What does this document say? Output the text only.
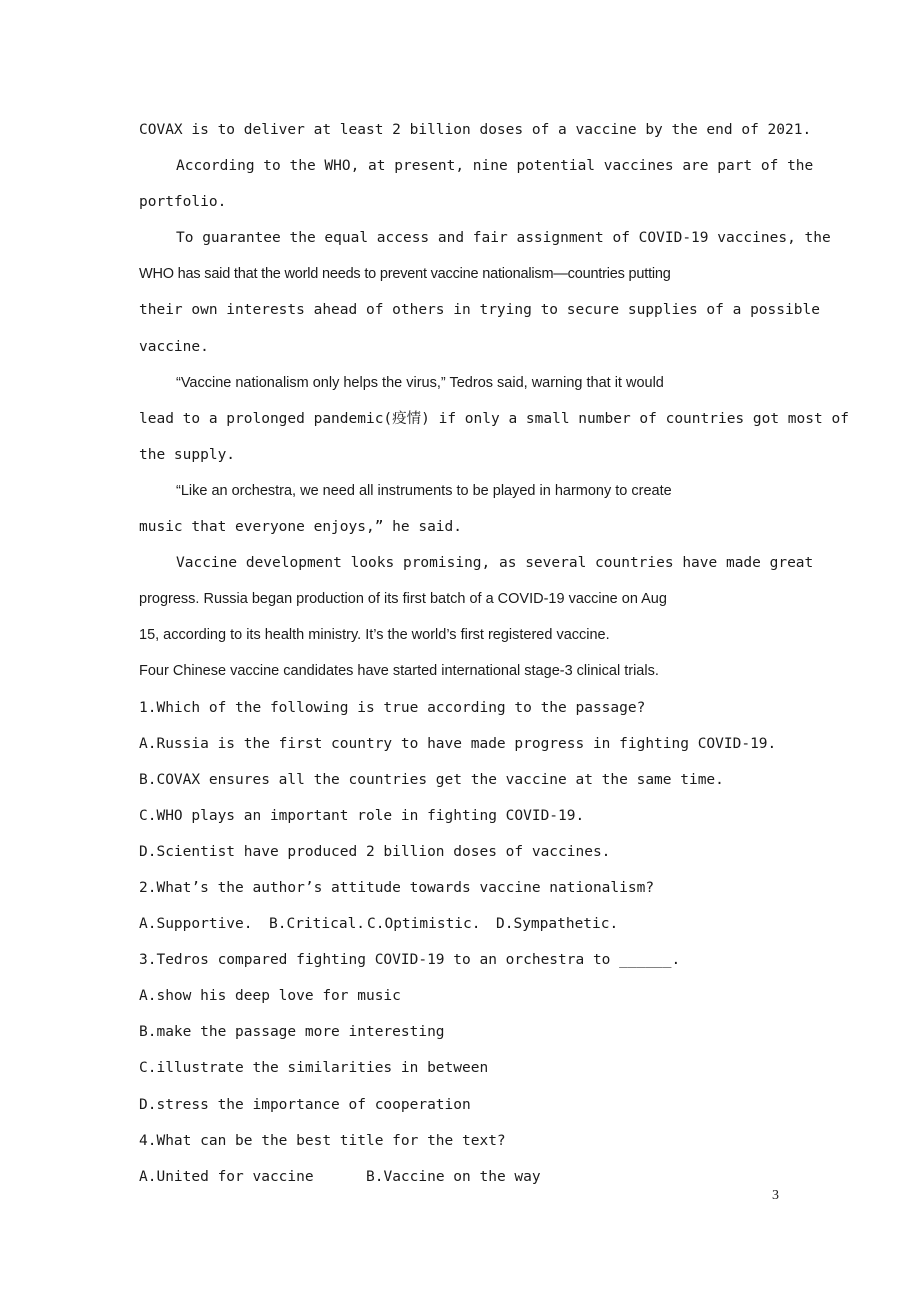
COVAX is to deliver at least 2 billion doses of a vaccine by the end of 2021.
According to the WHO, at present, nine potential vaccines are part of the
portfolio.
To guarantee the equal access and fair assignment of COVID-19 vaccines, the
WHO has said that the world needs to prevent vaccine nationalism—countries putting
their own interests ahead of others in trying to secure supplies of a possible
vaccine.
“Vaccine nationalism only helps the virus,” Tedros said, warning that it would
lead to a prolonged pandemic(疫情) if only a small number of countries got most of
the supply.
“Like an orchestra, we need all instruments to be played in harmony to create
music that everyone enjoys,” he said.
Vaccine development looks promising, as several countries have made great
progress. Russia began production of its first batch of a COVID-19 vaccine on Aug
15, according to its health ministry. It’s the world’s first registered vaccine.
Four Chinese vaccine candidates have started international stage-3 clinical trials.
1.Which of the following is true according to the passage?
A.Russia is the first country to have made progress in fighting COVID-19.
B.COVAX ensures all the countries get the vaccine at the same time.
C.WHO plays an important role in fighting COVID-19.
D.Scientist have produced 2 billion doses of vaccines.
2.What’s the author’s attitude towards vaccine nationalism?
A.Supportive. B.Critical. C.Optimistic. D.Sympathetic.
3.Tedros compared fighting COVID-19 to an orchestra to ______.
A.show his deep love for music
B.make the passage more interesting
C.illustrate the similarities in between
D.stress the importance of cooperation
4.What can be the best title for the text?
A.United for vaccine	B.Vaccine on the way
3
